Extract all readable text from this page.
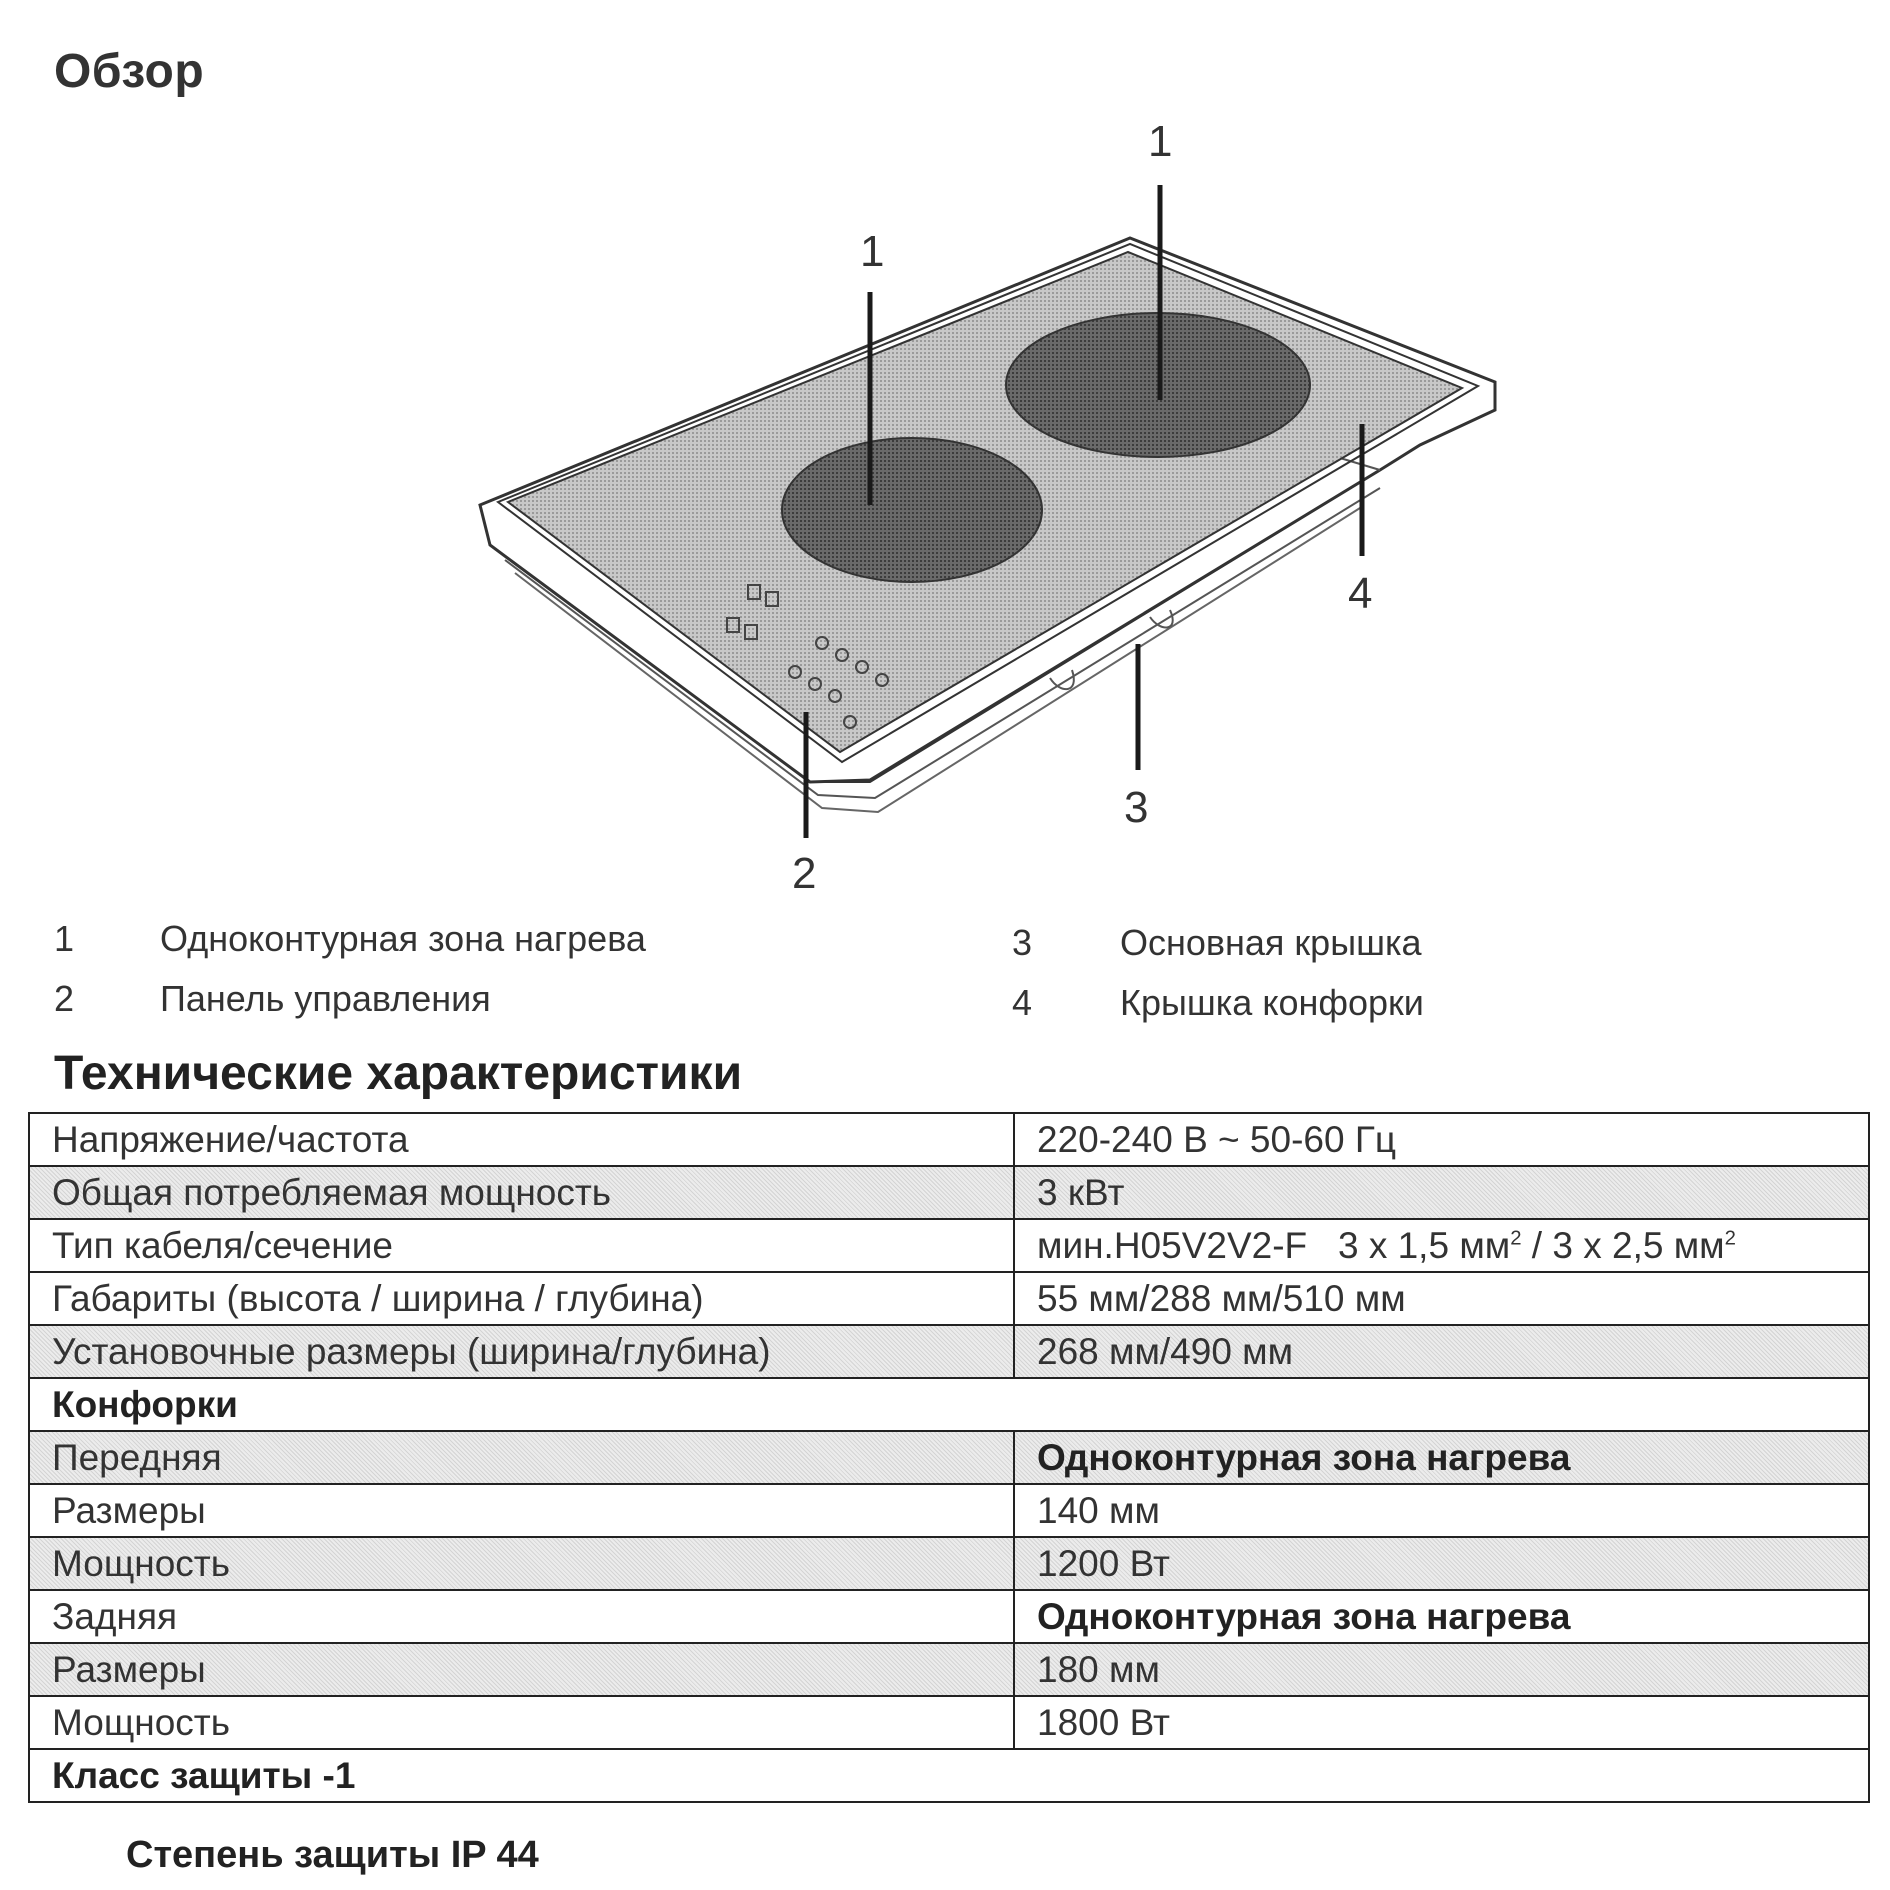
Обзор
1
1
2
3
4
1 Одноконтурная зона нагрева
2 Панель управления
3 Основная крышка
4 Крышка конфорки
Технические характеристики
Напряжение/частота	220-240 В ~ 50-60 Гц
Общая потребляемая мощность	3 кВт
Тип кабеля/сечение	мин.H05V2V2-F   3 х 1,5 $мм^2 / 3$ х 2,5 $мм^2$
Габариты (высота / ширина / глубина)	55 мм/288 мм/510 мм
Установочные размеры (ширина/глубина)	268 мм/490 мм
Конфорки	
Передняя	Одноконтурная зона нагрева
Размеры	140 мм
Мощность	1200 Вт
Задняя	Одноконтурная зона нагрева
Размеры	180 мм
Мощность	1800 Вт
Класс защиты -1	
Степень защиты IP 44
